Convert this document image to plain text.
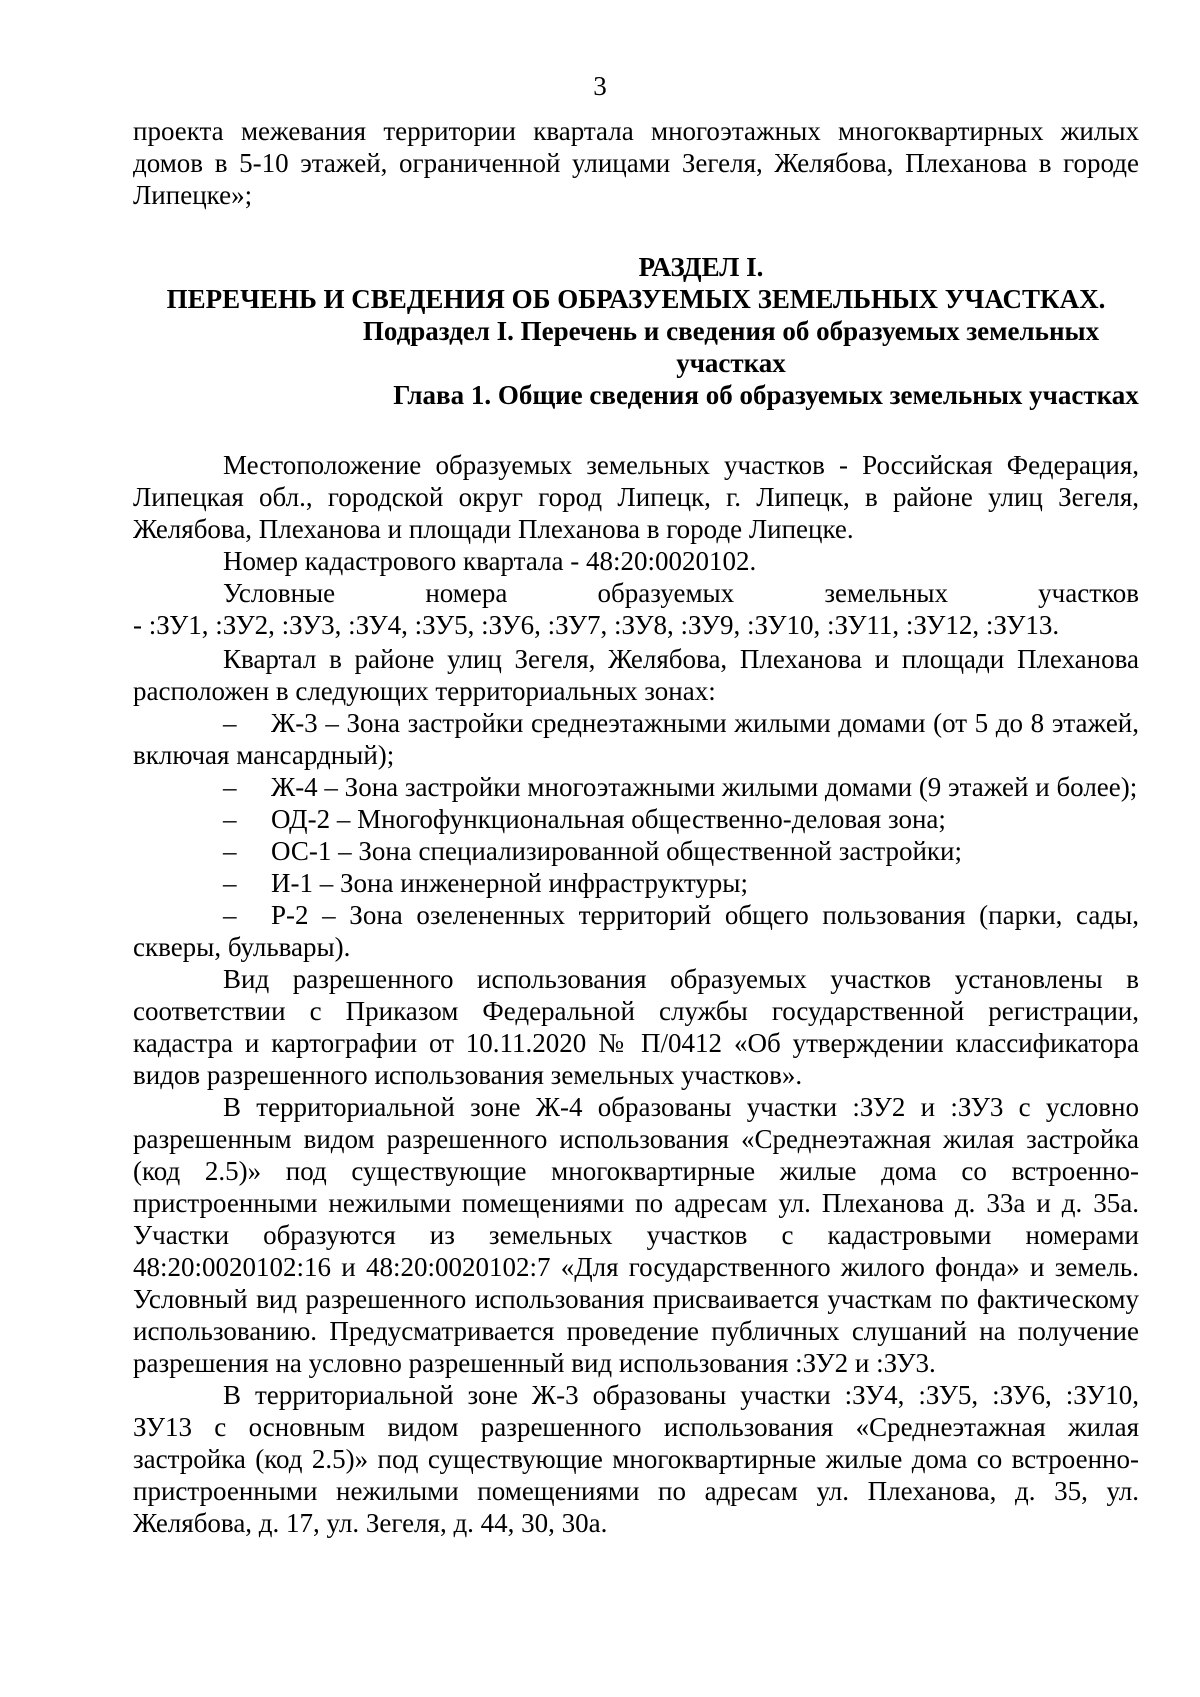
3

проекта межевания территории квартала многоэтажных многоквартирных жилых домов в 5-10 этажей, ограниченной улицами Зегеля, Желябова, Плеханова в городе Липецке»;

РАЗДЕЛ I.

ПЕРЕЧЕНЬ И СВЕДЕНИЯ ОБ ОБРАЗУЕМЫХ ЗЕМЕЛЬНЫХ УЧАСТКАХ.

Подраздел I. Перечень и сведения об образуемых земельных участках

Глава 1. Общие сведения об образуемых земельных участках

Местоположение образуемых земельных участков - Российская Федерация, Липецкая обл., городской округ город Липецк, г. Липецк, в районе улиц Зегеля, Желябова, Плеханова и площади Плеханова в городе Липецке.

Номер кадастрового квартала - 48:20:0020102.

Условные	номера	образуемых	земельных	участков

- :ЗУ1, :ЗУ2, :ЗУ3, :ЗУ4, :ЗУ5, :ЗУ6, :ЗУ7, :ЗУ8, :ЗУ9, :ЗУ10, :ЗУ11, :ЗУ12, :ЗУ13.

Квартал в районе улиц Зегеля, Желябова, Плеханова и площади Плеханова расположен в следующих территориальных зонах:

– Ж-3 – Зона застройки среднеэтажными жилыми домами (от 5 до 8 этажей, включая мансардный);

– Ж-4 – Зона застройки многоэтажными жилыми домами (9 этажей и более);

– ОД-2 – Многофункциональная общественно-деловая зона;

– ОС-1 – Зона специализированной общественной застройки;

– И-1 – Зона инженерной инфраструктуры;

– Р-2 – Зона озелененных территорий общего пользования (парки, сады, скверы, бульвары).

Вид разрешенного использования образуемых участков установлены в соответствии с Приказом Федеральной службы государственной регистрации, кадастра и картографии от 10.11.2020 № П/0412 «Об утверждении классификатора видов разрешенного использования земельных участков».

В территориальной зоне Ж-4 образованы участки :ЗУ2 и :ЗУ3 с условно разрешенным видом разрешенного использования «Среднеэтажная жилая застройка (код 2.5)» под существующие многоквартирные жилые дома со встроенно-пристроенными нежилыми помещениями по адресам ул. Плеханова д. 33а и д. 35а. Участки образуются из земельных участков с кадастровыми номерами 48:20:0020102:16 и 48:20:0020102:7 «Для государственного жилого фонда» и земель. Условный вид разрешенного использования присваивается участкам по фактическому использованию. Предусматривается проведение публичных слушаний на получение разрешения на условно разрешенный вид использования :ЗУ2 и :ЗУ3.

В территориальной зоне Ж-3 образованы участки :ЗУ4, :ЗУ5, :ЗУ6, :ЗУ10, ЗУ13 с основным видом разрешенного использования «Среднеэтажная жилая застройка (код 2.5)» под существующие многоквартирные жилые дома со встроенно-пристроенными нежилыми помещениями по адресам ул. Плеханова, д. 35, ул. Желябова, д. 17, ул. Зегеля, д. 44, 30, 30а.
